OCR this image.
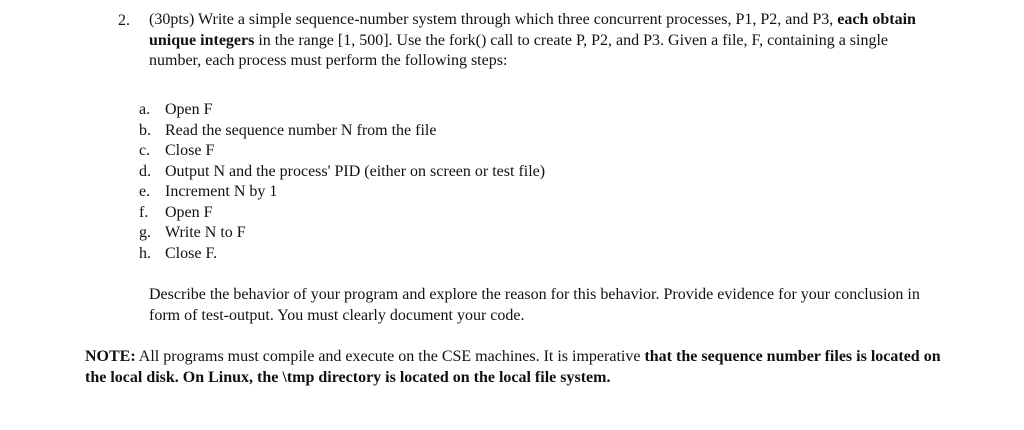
2. (30pts) Write a simple sequence-number system through which three concurrent processes, P1, P2, and P3, each obtain unique integers in the range [1, 500]. Use the fork() call to create P, P2, and P3. Given a file, F, containing a single number, each process must perform the following steps:
a. Open F
b. Read the sequence number N from the file
c. Close F
d. Output N and the process' PID (either on screen or test file)
e. Increment N by 1
f. Open F
g. Write N to F
h. Close F.

Describe the behavior of your program and explore the reason for this behavior. Provide evidence for your conclusion in form of test-output. You must clearly document your code.

NOTE: All programs must compile and execute on the CSE machines. It is imperative that the sequence number files is located on the local disk. On Linux, the \tmp directory is located on the local file system.
